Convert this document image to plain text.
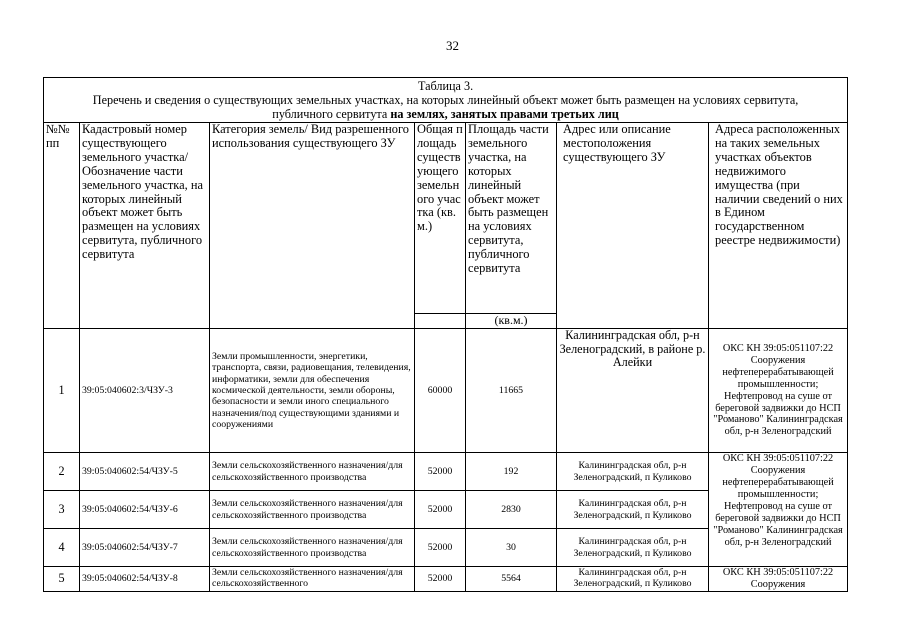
32
Таблица 3.
Перечень и сведения о существующих земельных участках, на которых линейный объект может быть размещен на условиях сервитута,
публичного сервитута на землях, занятых правами третьих лиц						

№№ пп	Кадастровый номер существующего земельного участка/ Обозначение части земельного участка, на которых линейный объект может быть размещен на условиях сервитута, публичного сервитута	Категория земель/ Вид разрешенного использования существующего ЗУ	Общая площадь существующего земельного участка (кв.м.)	Площадь части земельного участка, на которых линейный объект может быть размещен на условиях сервитута, публичного сервитута	Адрес или описание местоположения существующего ЗУ	Адреса расположенных на таких земельных участках объектов недвижимого имущества (при наличии сведений о них в Едином государственном реестре недвижимости)
				(кв.м.)		
1	39:05:040602:3/ЧЗУ-3	Земли промышленности, энергетики, транспорта, связи, радиовещания, телевидения, информатики, земли для обеспечения космической деятельности, земли обороны, безопасности и земли иного специального назначения/под существующими зданиями и сооружениями	60000	11665	Калининградская обл, р-н Зеленоградский, в районе р. Алейки	ОКС КН 39:05:051107:22 Сооружения нефтеперерабатывающей промышленности; Нефтепровод на суше от береговой задвижки до НСП "Романово" Калининградская обл, р-н Зеленоградский
2	39:05:040602:54/ЧЗУ-5	Земли сельскохозяйственного назначения/для сельскохозяйственного производства	52000	192	Калининградская обл, р-н Зеленоградский, п Куликово	ОКС КН 39:05:051107:22 Сооружения нефтеперерабатывающей промышленности; Нефтепровод на суше от береговой задвижки до НСП "Романово" Калининградская обл, р-н Зеленоградский
3	39:05:040602:54/ЧЗУ-6	Земли сельскохозяйственного назначения/для сельскохозяйственного производства	52000	2830	Калининградская обл, р-н Зеленоградский, п Куликово	
4	39:05:040602:54/ЧЗУ-7	Земли сельскохозяйственного назначения/для сельскохозяйственного производства	52000	30	Калининградская обл, р-н Зеленоградский, п Куликово	
5	39:05:040602:54/ЧЗУ-8	Земли сельскохозяйственного назначения/для сельскохозяйственного	52000	5564	Калининградская обл, р-н Зеленоградский, п Куликово	ОКС КН 39:05:051107:22 Сооружения
